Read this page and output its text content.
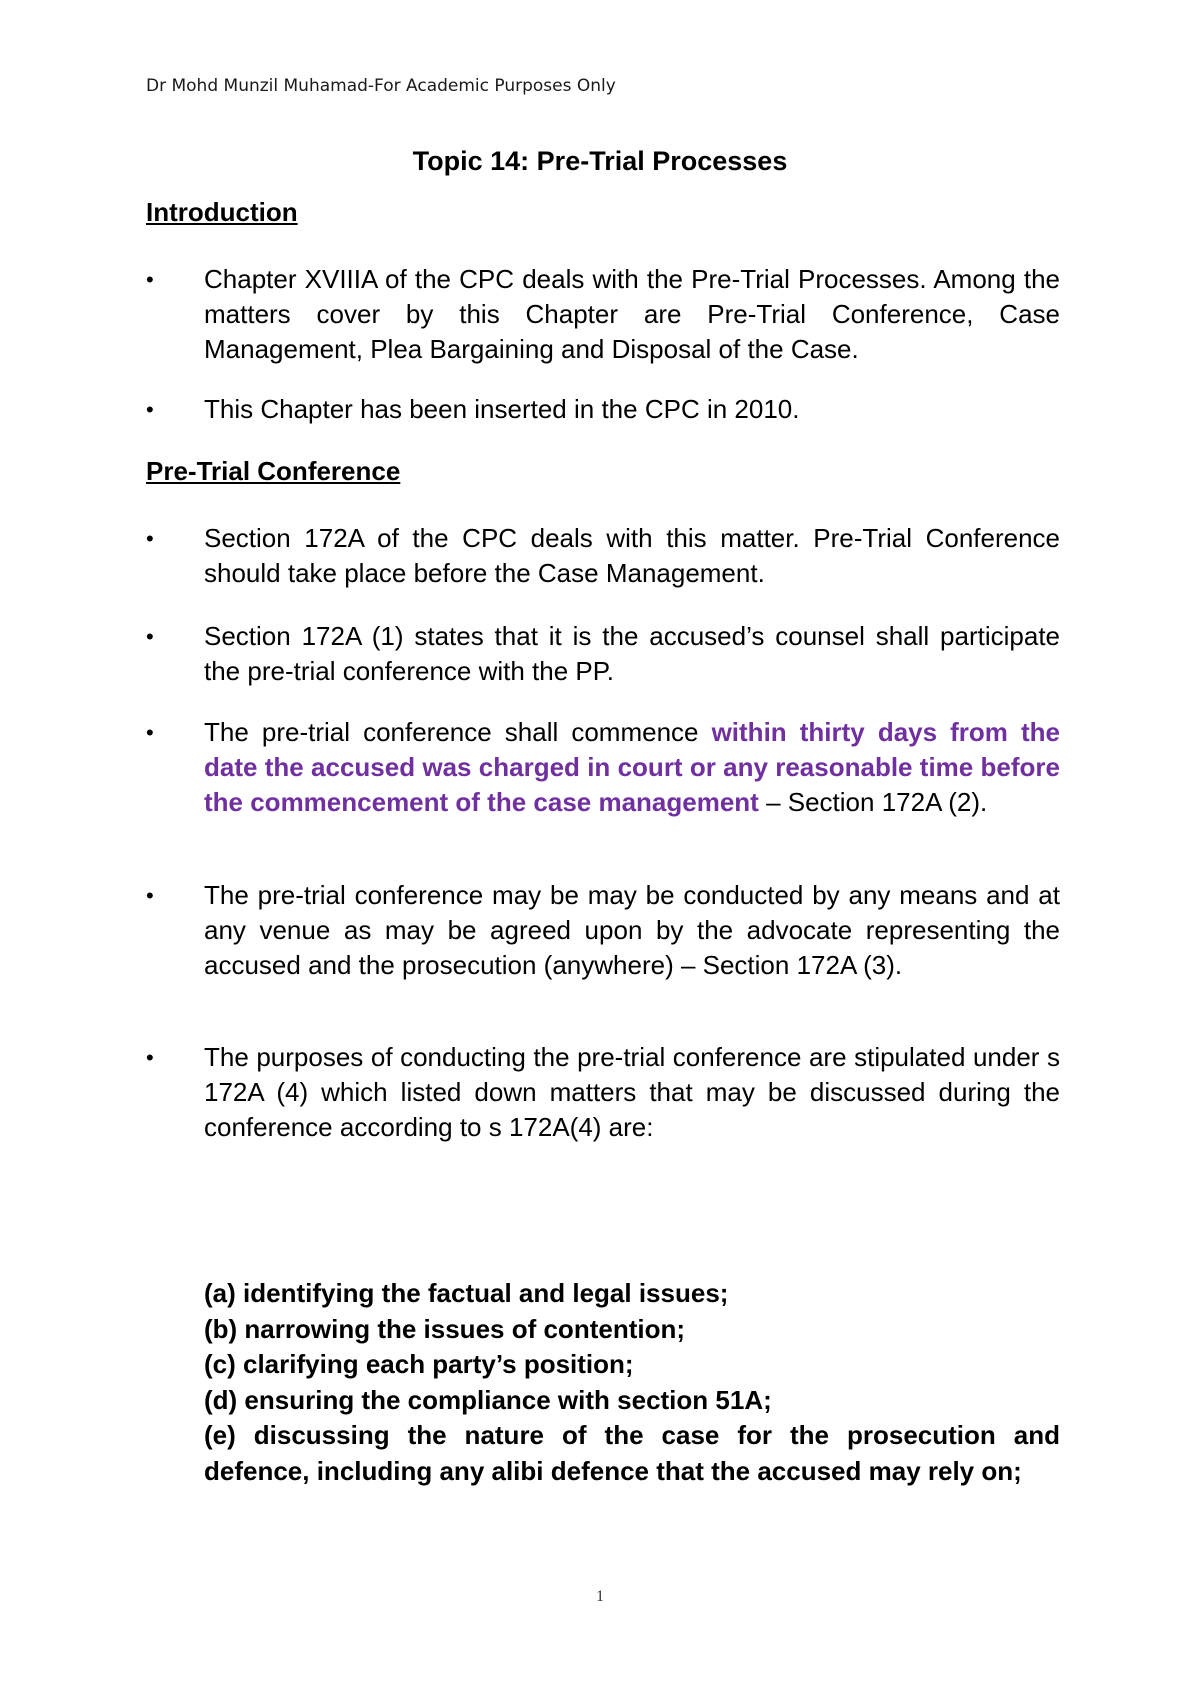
Dr Mohd Munzil Muhamad-For Academic Purposes Only
Topic 14: Pre-Trial Processes
Introduction
• Chapter XVIIIA of the CPC deals with the Pre-Trial Processes. Among the matters cover by this Chapter are Pre-Trial Conference, Case Management, Plea Bargaining and Disposal of the Case.
• This Chapter has been inserted in the CPC in 2010.
Pre-Trial Conference
• Section 172A of the CPC deals with this matter. Pre-Trial Conference should take place before the Case Management.
• Section 172A (1) states that it is the accused’s counsel shall participate the pre-trial conference with the PP.
• The pre-trial conference shall commence within thirty days from the date the accused was charged in court or any reasonable time before the commencement of the case management – Section 172A (2).
• The pre-trial conference may be may be conducted by any means and at any venue as may be agreed upon by the advocate representing the accused and the prosecution (anywhere) – Section 172A (3).
• The purposes of conducting the pre-trial conference are stipulated under s 172A (4) which listed down matters that may be discussed during the conference according to s 172A(4) are:
(a) identifying the factual and legal issues;
(b) narrowing the issues of contention;
(c) clarifying each party’s position;
(d) ensuring the compliance with section 51A;
(e) discussing the nature of the case for the prosecution and defence, including any alibi defence that the accused may rely on;
1
